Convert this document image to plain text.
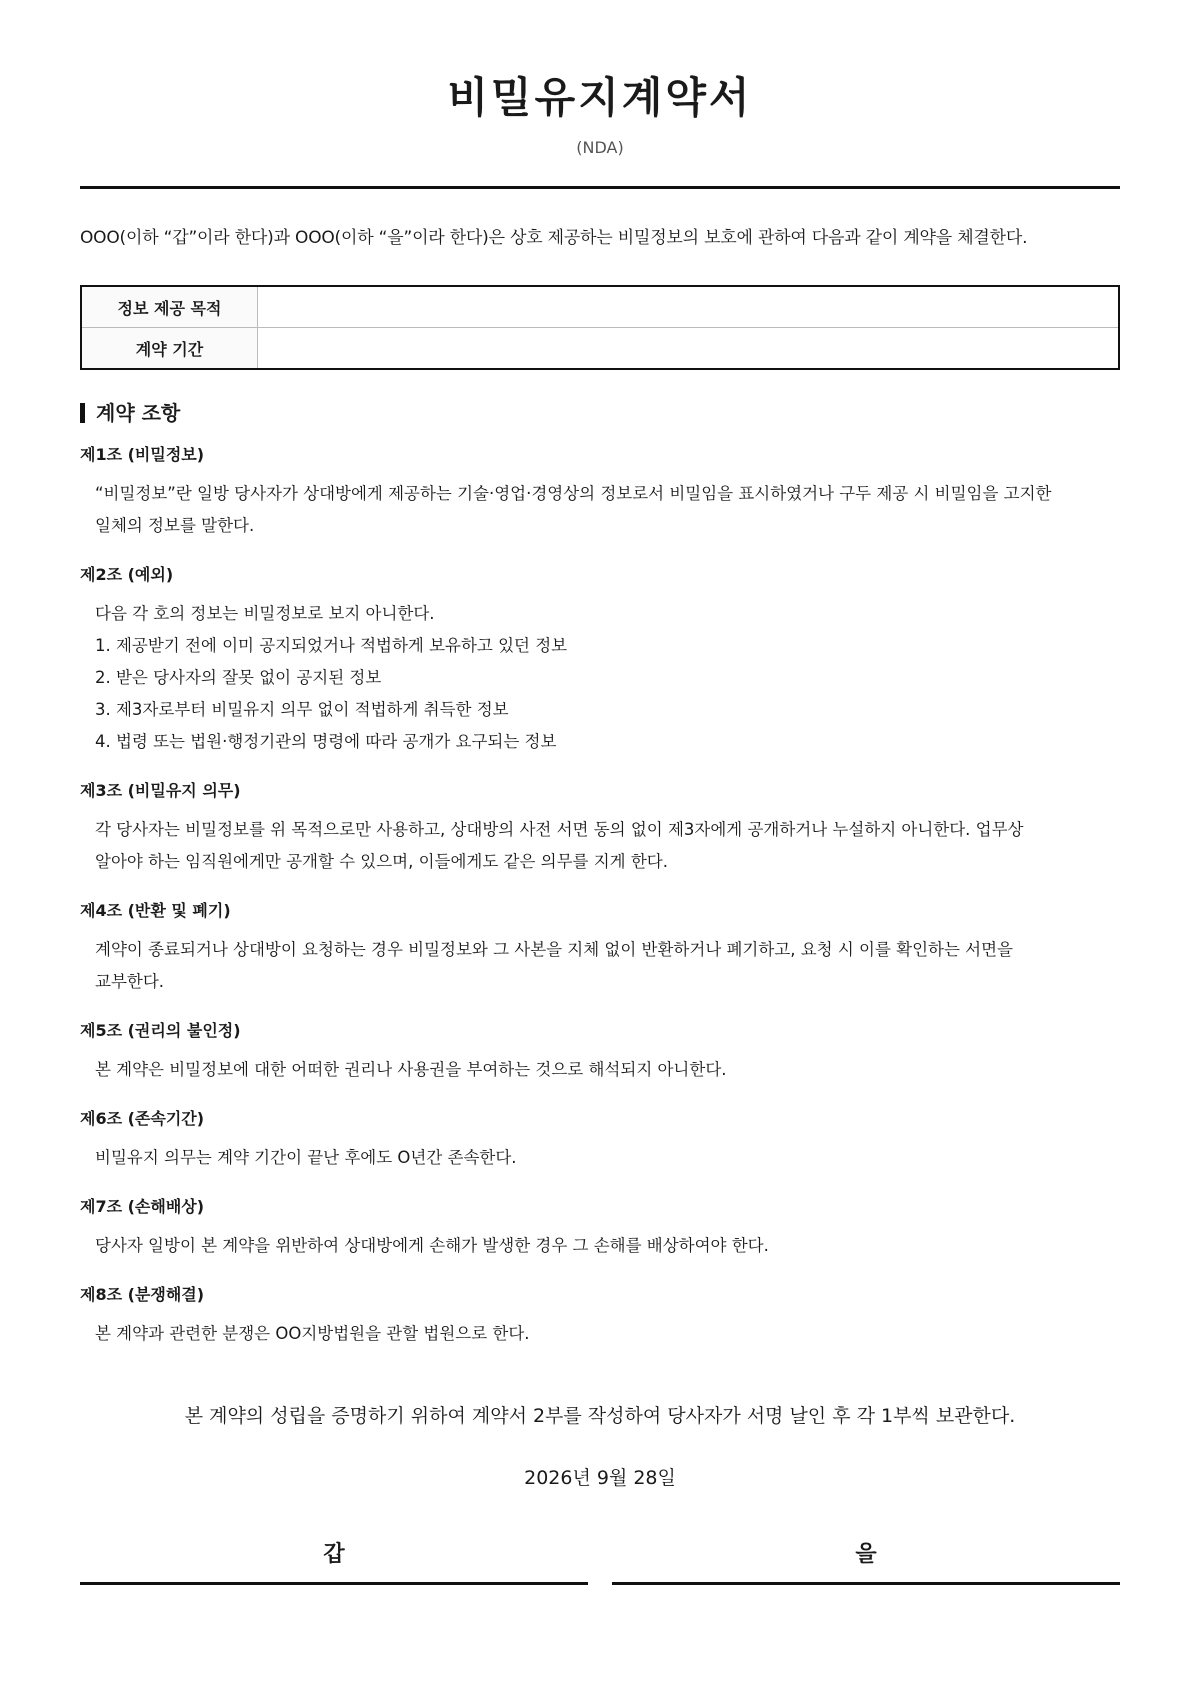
비밀유지계약서
(NDA)
OOO(이하 “갑”이라 한다)과 OOO(이하 “을”이라 한다)은 상호 제공하는 비밀정보의 보호에 관하여 다음과 같이 계약을 체결한다.
정보 제공 목적	
계약 기간	
계약 조항
제1조 (비밀정보)
“비밀정보”란 일방 당사자가 상대방에게 제공하는 기술·영업·경영상의 정보로서 비밀임을 표시하였거나 구두 제공 시 비밀임을 고지한
일체의 정보를 말한다.
제2조 (예외)
다음 각 호의 정보는 비밀정보로 보지 아니한다.
1. 제공받기 전에 이미 공지되었거나 적법하게 보유하고 있던 정보
2. 받은 당사자의 잘못 없이 공지된 정보
3. 제3자로부터 비밀유지 의무 없이 적법하게 취득한 정보
4. 법령 또는 법원·행정기관의 명령에 따라 공개가 요구되는 정보
제3조 (비밀유지 의무)
각 당사자는 비밀정보를 위 목적으로만 사용하고, 상대방의 사전 서면 동의 없이 제3자에게 공개하거나 누설하지 아니한다. 업무상
알아야 하는 임직원에게만 공개할 수 있으며, 이들에게도 같은 의무를 지게 한다.
제4조 (반환 및 폐기)
계약이 종료되거나 상대방이 요청하는 경우 비밀정보와 그 사본을 지체 없이 반환하거나 폐기하고, 요청 시 이를 확인하는 서면을
교부한다.
제5조 (권리의 불인정)
본 계약은 비밀정보에 대한 어떠한 권리나 사용권을 부여하는 것으로 해석되지 아니한다.
제6조 (존속기간)
비밀유지 의무는 계약 기간이 끝난 후에도 O년간 존속한다.
제7조 (손해배상)
당사자 일방이 본 계약을 위반하여 상대방에게 손해가 발생한 경우 그 손해를 배상하여야 한다.
제8조 (분쟁해결)
본 계약과 관련한 분쟁은 OO지방법원을 관할 법원으로 한다.
본 계약의 성립을 증명하기 위하여 계약서 2부를 작성하여 당사자가 서명 날인 후 각 1부씩 보관한다.
2026년 9월 28일
갑	을
